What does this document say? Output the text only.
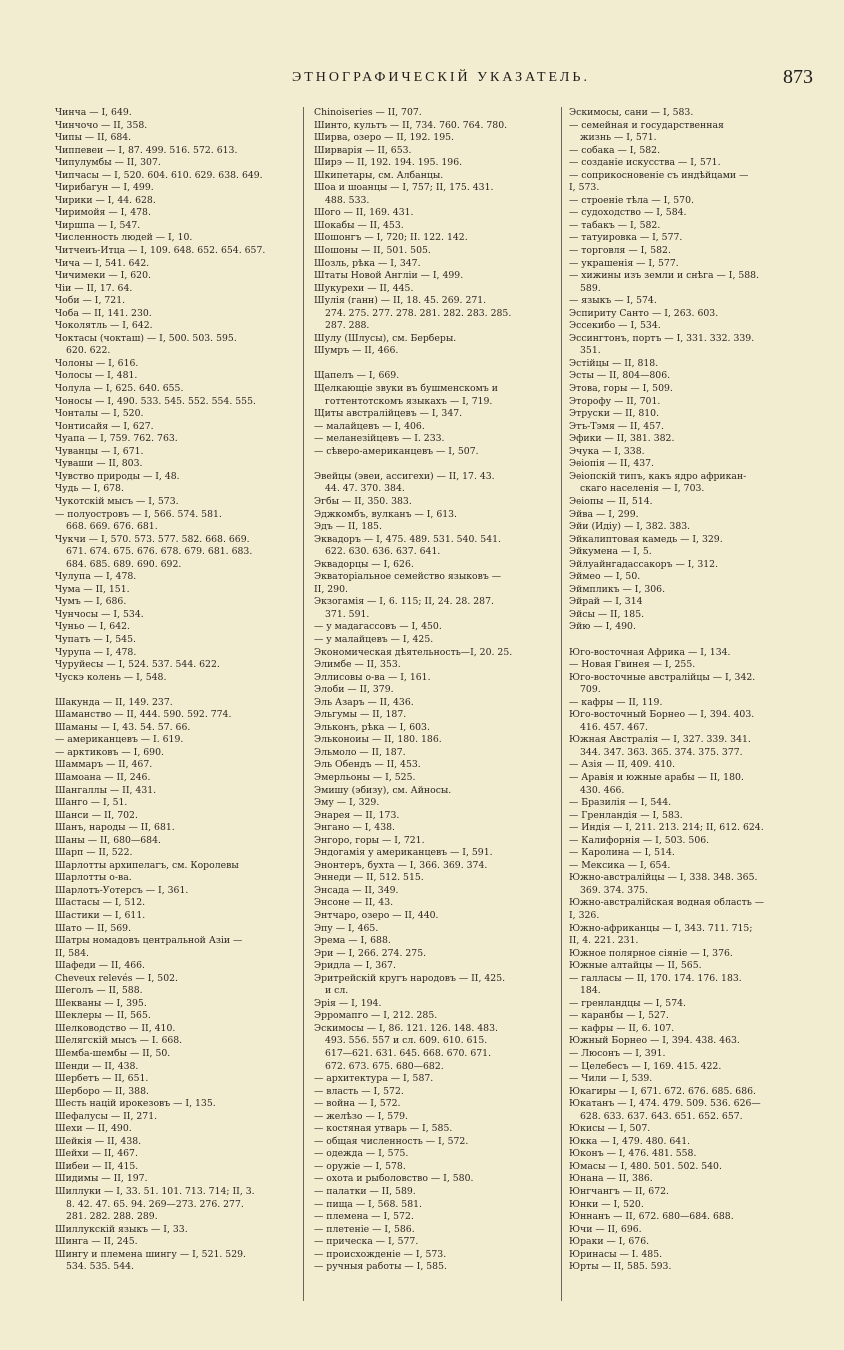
ЭТНОГРАФИЧЕСКІЙ УКАЗАТЕЛЬ.	873
Чинча — I, 649.
Чинчочо — II, 358.
Чипы — II, 684.
Чиппевеи — I, 87. 499. 516. 572. 613.
Чипулумбы — II, 307.
Чипчасы — I, 520. 604. 610. 629. 638. 649.
Чирибагун — I, 499.
Чирики — I, 44. 628.
Чиримойя — I, 478.
Чиршпа — I, 547.
Численность людей — I, 10.
Читчеиъ-Итца — I, 109. 648. 652. 654. 657.
Чича — I, 541. 642.
Чичимеки — I, 620.
Чіи — II, 17. 64.
Чоби — I, 721.
Чоба — II, 141. 230.
Чоколятль — I, 642.
Чоктасы (чокташ) — I, 500. 503. 595.
620. 622.
Чолоны — I, 616.
Чолосы — I, 481.
Чолула — I, 625. 640. 655.
Чоносы — I, 490. 533. 545. 552. 554. 555.
Чонталы — I, 520.
Чонтисайя — I, 627.
Чуапа — I, 759. 762. 763.
Чуванцы — I, 671.
Чуваши — II, 803.
Чувство природы — I, 48.
Чудь — I, 678.
Чукотскій мысъ — I, 573.
— полуостровъ — I, 566. 574. 581.
668. 669. 676. 681.
Чукчи — I, 570. 573. 577. 582. 668. 669.
671. 674. 675. 676. 678. 679. 681. 683.
684. 685. 689. 690. 692.
Чулупа — I, 478.
Чума — II, 151.
Чумъ — I, 686.
Чунчосы — I, 534.
Чуньо — I, 642.
Чупатъ — I, 545.
Чурупа — I, 478.
Чуруйесы — I, 524. 537. 544. 622.
Чускэ колень — I, 548.
Шакунда — II, 149. 237.
Шаманство — II, 444. 590. 592. 774.
Шаманы — I, 43. 54. 57. 66.
— американцевъ — I. 619.
— арктиковъ — I, 690.
Шаммаръ — II, 467.
Шамоана — II, 246.
Шангаллы — II, 431.
Шанго — I, 51.
Шанси — II, 702.
Шанъ, народы — II, 681.
Шаны — II, 680—684.
Шарп — II, 522.
Шарлотты архипелагъ, см. Королевы
Шарлотты о-ва.
Шарлотъ-Уотерсъ — I, 361.
Шастасы — I, 512.
Шастики — I, 611.
Шато — II, 569.
Шатры номадовъ центральной Азіи —
II, 584.
Шафеди — II, 466.
Chevеux relevés — I, 502.
Шеголъ — II, 588.
Шекваны — I, 395.
Шеклеры — II, 565.
Шелководство — II, 410.
Шелягскій мысъ — I. 668.
Шемба-шембы — II, 50.
Шенди — II, 438.
Шербетъ — II, 651.
Шерборо — II, 388.
Шесть націй ирокезовъ — I, 135.
Шефалусы — II, 271.
Шехи — II, 490.
Шейкія — II, 438.
Шейхи — II, 467.
Шибеи — II, 415.
Шидимы — II, 197.
Шиллуки — I, 33. 51. 101. 713. 714; II, 3.
8. 42. 47. 65. 94. 269—273. 276. 277.
281. 282. 288. 289.
Шиллукскій языкъ — I, 33.
Шинга — II, 245.
Шингу и племена шингу — I, 521. 529.
534. 535. 544.
Chinoiseries — II, 707.
Шинто, культъ — II, 734. 760. 764. 780.
Ширва, озеро — II, 192. 195.
Ширварія — II, 653.
Ширэ — II, 192. 194. 195. 196.
Шкипетары, см. Албанцы.
Шоа и шоанцы — I, 757; II, 175. 431.
488. 533.
Шого — II, 169. 431.
Шокабы — II, 453.
Шошонгъ — I, 720; II. 122. 142.
Шошоны — II, 501. 505.
Шозль, рѣка — I, 347.
Штаты Новой Англіи — I, 499.
Шукурехи — II, 445.
Шулія (ганн) — II, 18. 45. 269. 271.
274. 275. 277. 278. 281. 282. 283. 285.
287. 288.
Шулу (Шлусы), см. Берберы.
Шумръ — II, 466.
Щапелъ — I, 669.
Щелкающіе звуки въ бушменскомъ и
готтентотскомъ языкахъ — I, 719.
Щиты австралійцевъ — I, 347.
— малайцевъ — I, 406.
— меланезійцевъ — I. 233.
— сѣверо-американцевъ — I, 507.
Эвейцы (эвеи, ассигехи) — II, 17. 43.
44. 47. 370. 384.
Эгбы — II, 350. 383.
Эджкомбъ, вулканъ — I, 613.
Эдъ — II, 185.
Эквадоръ — I, 475. 489. 531. 540. 541.
622. 630. 636. 637. 641.
Эквадорцы — I, 626.
Экваторіальное семейство языковъ —
II, 290.
Экзогамія — I, 6. 115; II, 24. 28. 287.
371. 591.
— у мадагассовъ — I, 450.
— у малайцевъ — I, 425.
Экономическая дѣятельность—I, 20. 25.
Элимбе — II, 353.
Эллисовы о-ва — I, 161.
Элоби — II, 379.
Эль Азаръ — II, 436.
Эльгумы — II, 187.
Эльконъ, рѣка — I, 603.
Эльконоиы — II, 180. 186.
Эльмоло — II, 187.
Эль Обендъ — II, 453.
Эмерльоны — I, 525.
Эмишу (эбизу), см. Айносы.
Эму — I, 329.
Энарея — II, 173.
Энгано — I, 438.
Энгоро, горы — I, 721.
Эндогамія у американцевъ — I, 591.
Энонтеръ, бухта — I, 366. 369. 374.
Эннеди — II, 512. 515.
Энсада — II, 349.
Энсоне — II, 43.
Энтчаро, озеро — II, 440.
Эпу — I, 465.
Эрема — I, 688.
Эри — I, 266. 274. 275.
Эридла — I, 367.
Эритрейскій кругъ народовъ — II, 425.
и сл.
Эрія — I, 194.
Эрромапго — I, 212. 285.
Эскимосы — I, 86. 121. 126. 148. 483.
493. 556. 557 и сл. 609. 610. 615.
617—621. 631. 645. 668. 670. 671.
672. 673. 675. 680—682.
— архитектура — I, 587.
— власть — I, 572.
— война — I, 572.
— желѣзо — I, 579.
— костяная утварь — I, 585.
— общая численность — I, 572.
— одежда — I, 575.
— оружіе — I, 578.
— охота и рыболовство — I, 580.
— палатки — II, 589.
— пища — I, 568. 581.
— племена — I, 572.
— плетеніе — I, 586.
— прическа — I, 577.
— происхожденіе — I, 573.
— ручныя работы — I, 585.
Эскимосы, сани — I, 583.
— семейная и государственная
жизнь — I, 571.
— собака — I, 582.
— созданіе искусства — I, 571.
— соприкосновеніе съ индѣйцами —
I, 573.
— строеніе тѣла — I, 570.
— судоходство — I, 584.
— табакъ — I, 582.
— татуировка — I, 577.
— торговля — I, 582.
— украшенія — I, 577.
— хижины изъ земли и снѣга — I, 588.
589.
— языкъ — I, 574.
Эспириту Санто — I, 263. 603.
Эссекибо — I, 534.
Эссингтонъ, портъ — I, 331. 332. 339.
351.
Эстійцы — II, 818.
Эсты — II, 804—806.
Этова, горы — I, 509.
Эторофу — II, 701.
Этруски — II, 810.
Этъ-Тэмя — II, 457.
Эфики — II, 381. 382.
Эчука — I, 338.
Эѳіопія — II, 437.
Эѳіопскій типъ, какъ ядро африкан-
скаго населенія — I, 703.
Эѳіопы — II, 514.
Эйва — I, 299.
Эйи (Идіу) — I, 382. 383.
Эйкалиптовая камедь — I, 329.
Эйкумена — I, 5.
Эйлуайнгадассакоръ — I, 312.
Эймео — I, 50.
Эймпликъ — I, 306.
Эйрай — I, 314
Эйсы — II, 185.
Эйю — I, 490.
Юго-восточная Африка — I, 134.
— Новая Гвинея — I, 255.
Юго-восточные австралійцы — I, 342.
709.
— кафры — II, 119.
Юго-восточный Борнео — I, 394. 403.
416. 457. 467.
Южная Австралія — I, 327. 339. 341.
344. 347. 363. 365. 374. 375. 377.
— Азія — II, 409. 410.
— Аравія и южные арабы — II, 180.
430. 466.
— Бразилія — I, 544.
— Гренландія — I, 583.
— Индія — I, 211. 213. 214; II, 612. 624.
— Калифорнія — I, 503. 506.
— Каролина — I, 514.
— Мексика — I, 654.
Южно-австралійцы — I, 338. 348. 365.
369. 374. 375.
Южно-австралійская водная область —
I, 326.
Южно-африканцы — I, 343. 711. 715;
II, 4. 221. 231.
Южное полярное сіяніе — I, 376.
Южные алтайцы — II, 565.
— галласы — II, 170. 174. 176. 183.
184.
— гренландцы — I, 574.
— каранбы — I, 527.
— кафры — II, 6. 107.
Южный Борнео — I, 394. 438. 463.
— Люсонъ — I, 391.
— Целебесъ — I, 169. 415. 422.
— Чили — I, 539.
Юкагиры — I, 671. 672. 676. 685. 686.
Юкатанъ — I, 474. 479. 509. 536. 626—
628. 633. 637. 643. 651. 652. 657.
Юкисы — I, 507.
Юкка — I, 479. 480. 641.
Юконъ — I, 476. 481. 558.
Юмасы — I, 480. 501. 502. 540.
Юнана — II, 386.
Юнгчангъ — II, 672.
Юнки — I, 520.
Юннанъ — II, 672. 680—684. 688.
Ючи — II, 696.
Юраки — I, 676.
Юринасы — I. 485.
Юрты — II, 585. 593.
